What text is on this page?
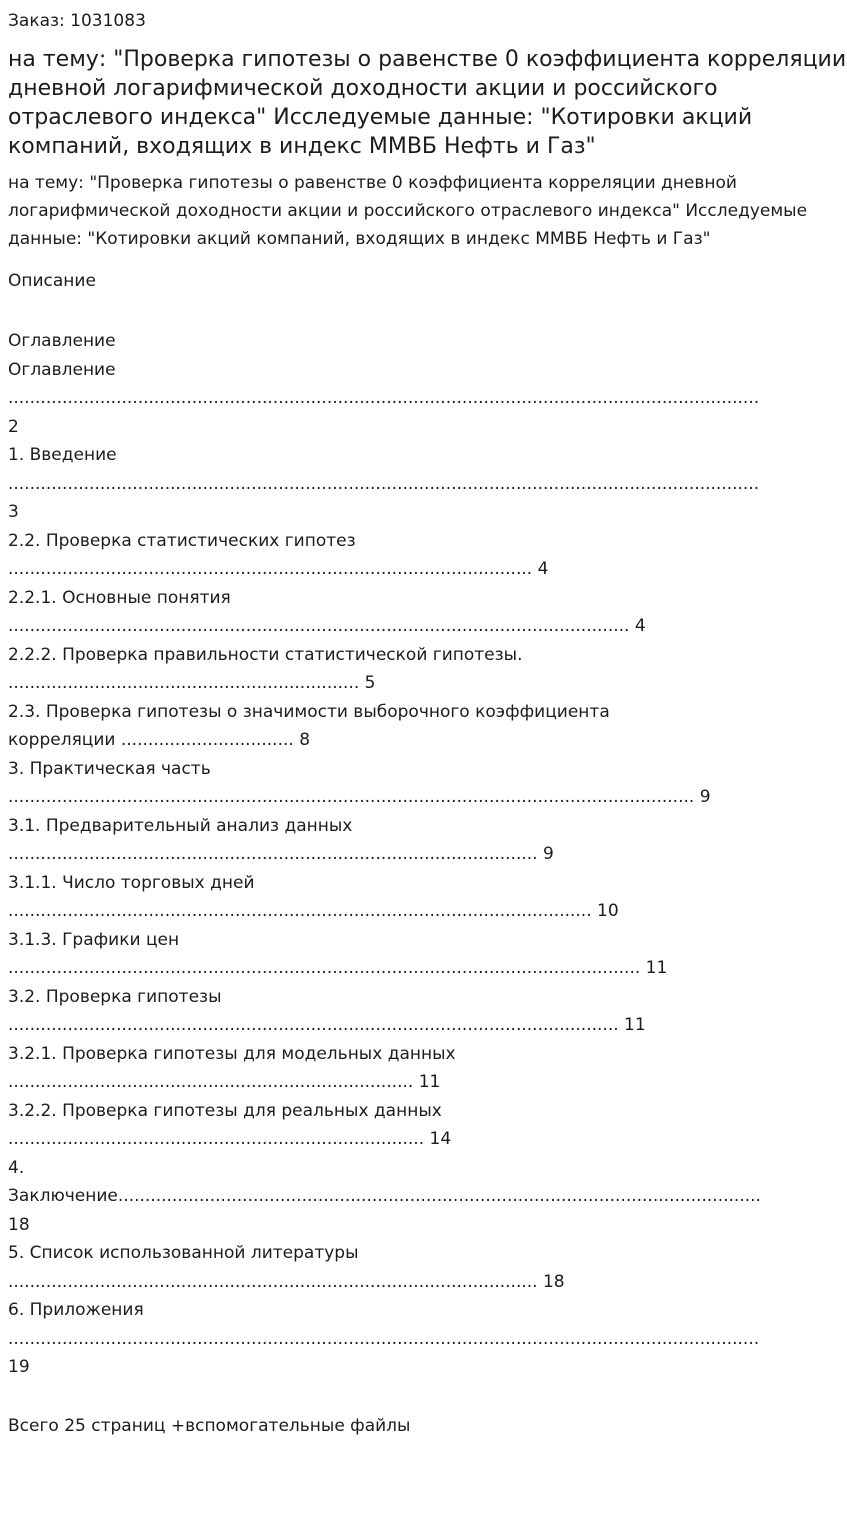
Заказ: 1031083

на тему: "Проверка гипотезы о равенстве 0 коэффициента корреляции дневной логарифмической доходности акции и российского отраслевого индекса" Исследуемые данные: "Котировки акций компаний, входящих в индекс ММВБ Нефть и Газ"

на тему: "Проверка гипотезы о равенстве 0 коэффициента корреляции дневной логарифмической доходности акции и российского отраслевого индекса" Исследуемые данные: "Котировки акций компаний, входящих в индекс ММВБ Нефть и Газ"

Описание

Оглавление
Оглавление
...........................................................................................................................................
2
1. Введение
...........................................................................................................................................
3
2.2. Проверка статистических гипотез
................................................................................................. 4
2.2.1. Основные понятия
................................................................................................................... 4
2.2.2. Проверка правильности статистической гипотезы.
................................................................. 5
2.3. Проверка гипотезы о значимости выборочного коэффициента
корреляции ................................ 8
3. Практическая часть
............................................................................................................................... 9
3.1. Предварительный анализ данных
.................................................................................................. 9
3.1.1. Число торговых дней
............................................................................................................ 10
3.1.3. Графики цен
..................................................................................................................... 11
3.2. Проверка гипотезы
................................................................................................................. 11
3.2.1. Проверка гипотезы для модельных данных
........................................................................... 11
3.2.2. Проверка гипотезы для реальных данных
............................................................................. 14
4.
Заключение.......................................................................................................................
18
5. Список использованной литературы
.................................................................................................. 18
6. Приложения
...........................................................................................................................................
19

Всего 25 страниц +вспомогательные файлы
